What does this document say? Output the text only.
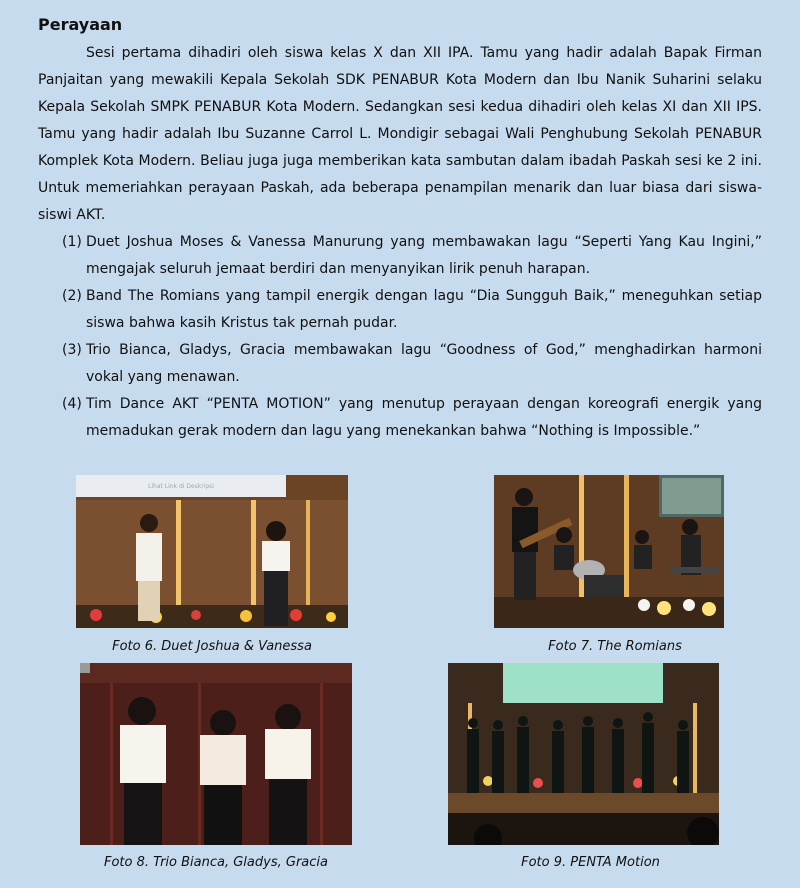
Perayaan

Sesi pertama dihadiri oleh siswa kelas X dan XII IPA. Tamu yang hadir adalah Bapak Firman Panjaitan yang mewakili Kepala Sekolah SDK PENABUR Kota Modern dan Ibu Nanik Suharini selaku Kepala Sekolah SMPK PENABUR Kota Modern. Sedangkan sesi kedua dihadiri oleh kelas XI dan XII IPS. Tamu yang hadir adalah Ibu Suzanne Carrol L. Mondigir sebagai Wali Penghubung Sekolah PENABUR Komplek Kota Modern. Beliau juga juga memberikan kata sambutan dalam ibadah Paskah sesi ke 2 ini. Untuk memeriahkan perayaan Paskah, ada beberapa penampilan menarik dan luar biasa dari siswa-siswi AKT.

(1) Duet Joshua Moses & Vanessa Manurung yang membawakan lagu “Seperti Yang Kau Ingini,” mengajak seluruh jemaat berdiri dan menyanyikan lirik penuh harapan.
(2) Band The Romians yang tampil energik dengan lagu “Dia Sungguh Baik,” meneguhkan setiap siswa bahwa kasih Kristus tak pernah pudar.
(3) Trio Bianca, Gladys, Gracia membawakan lagu “Goodness of God,” menghadirkan harmoni vokal yang menawan.
(4) Tim Dance AKT “PENTA MOTION” yang menutup perayaan dengan koreografi energik yang memadukan gerak modern dan lagu yang menekankan bahwa “Nothing is Impossible.”
Lihat Link di Deskripsi
Foto 6. Duet Joshua & Vanessa	Foto 7. The Romians
Foto 8. Trio Bianca, Gladys, Gracia	Foto 9. PENTA Motion
